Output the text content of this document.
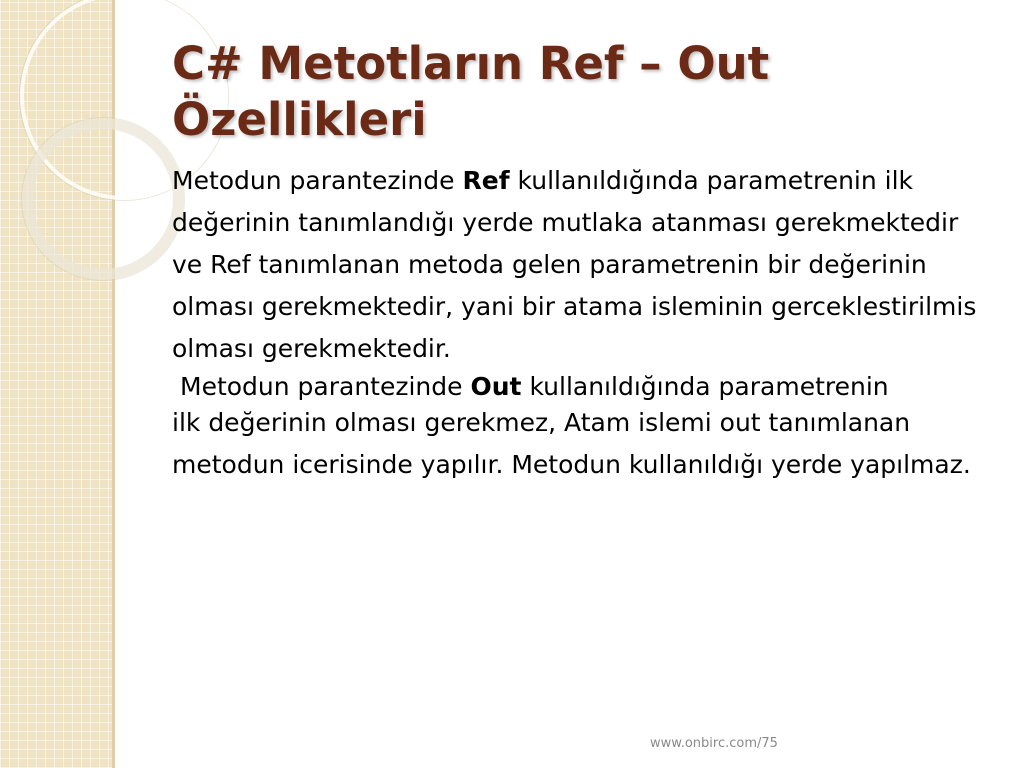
C# Metotların Ref – Out Özellikleri

Metodun parantezinde Ref kullanıldığında parametrenin ilk değerinin tanımlandığı yerde mutlaka atanması gerekmektedir ve Ref tanımlanan metoda gelen parametrenin bir değerinin olması gerekmektedir, yani bir atama isleminin gerceklestirilmis olması gerekmektedir.

Metodun parantezinde Out kullanıldığında parametrenin
ilk değerinin olması gerekmez, Atam islemi out tanımlanan metodun icerisinde yapılır. Metodun kullanıldığı yerde yapılmaz.

www.onbirc.com/75
